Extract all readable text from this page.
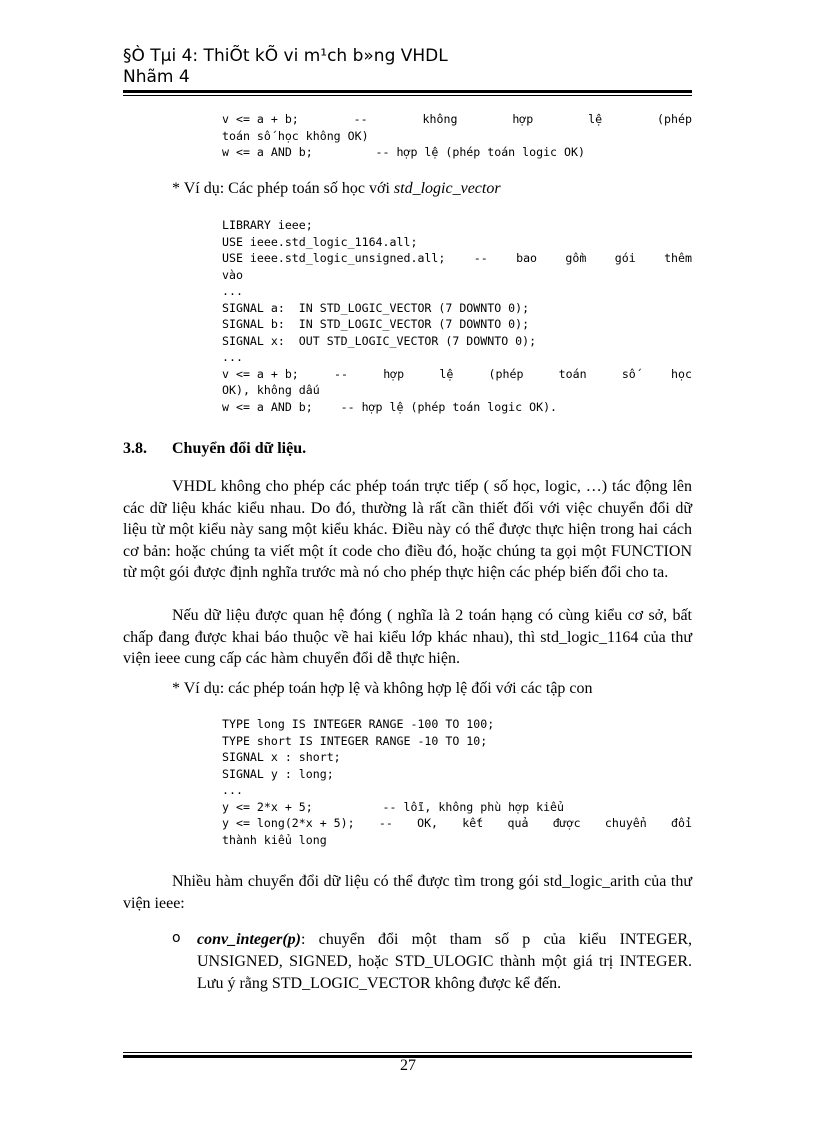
§Ò Tµi 4: ThiÕt kÕ vi m¹ch b»ng VHDL
Nhãm 4
v <= a + b;	--	không	hợp	lệ	(phép
toán số học không OK)
w <= a AND b;         -- hợp lệ (phép toán logic OK)
* Ví dụ: Các phép toán số học với std_logic_vector
LIBRARY ieee;
USE ieee.std_logic_1164.all;
USE ieee.std_logic_unsigned.all; -- bao gồm gói thêm
vào
...
SIGNAL a:  IN STD_LOGIC_VECTOR (7 DOWNTO 0);
SIGNAL b:  IN STD_LOGIC_VECTOR (7 DOWNTO 0);
SIGNAL x:  OUT STD_LOGIC_VECTOR (7 DOWNTO 0);
...
v <= a + b;	--	hợp	lệ	(phép	toán	số	học
OK), không dấu
w <= a AND b;    -- hợp lệ (phép toán logic OK).
3.8. Chuyển đổi dữ liệu.

VHDL không cho phép các phép toán trực tiếp ( số học, logic, …) tác động lên các dữ liệu khác kiểu nhau. Do đó, thường là rất cần thiết đối với việc chuyển đổi dữ liệu từ một kiểu này sang một kiểu khác. Điều này có thể được thực hiện trong hai cách cơ bản: hoặc chúng ta viết một ít code cho điều đó, hoặc chúng ta gọi một FUNCTION từ một gói được định nghĩa trước mà nó cho phép thực hiện các phép biến đổi cho ta.

Nếu dữ liệu được quan hệ đóng ( nghĩa là 2 toán hạng có cùng kiểu cơ sở, bất chấp đang được khai báo thuộc về hai kiểu lớp khác nhau), thì std_logic_1164 của thư viện ieee cung cấp các hàm chuyển đổi dễ thực hiện.

* Ví dụ: các phép toán hợp lệ và không hợp lệ đối với các tập con
TYPE long IS INTEGER RANGE -100 TO 100;
TYPE short IS INTEGER RANGE -10 TO 10;
SIGNAL x : short;
SIGNAL y : long;
...
y <= 2*x + 5;          -- lỗi, không phù hợp kiểu
y <= long(2*x + 5); -- OK, kết quả được chuyển đổi
thành kiểu long

Nhiều hàm chuyển đổi dữ liệu có thể được tìm trong gói std_logic_arith của thư viện ieee:

o conv_integer(p): chuyển đổi một tham số p của kiểu INTEGER, UNSIGNED, SIGNED, hoặc STD_ULOGIC thành một giá trị INTEGER. Lưu ý rằng STD_LOGIC_VECTOR không được kể đến.

27
